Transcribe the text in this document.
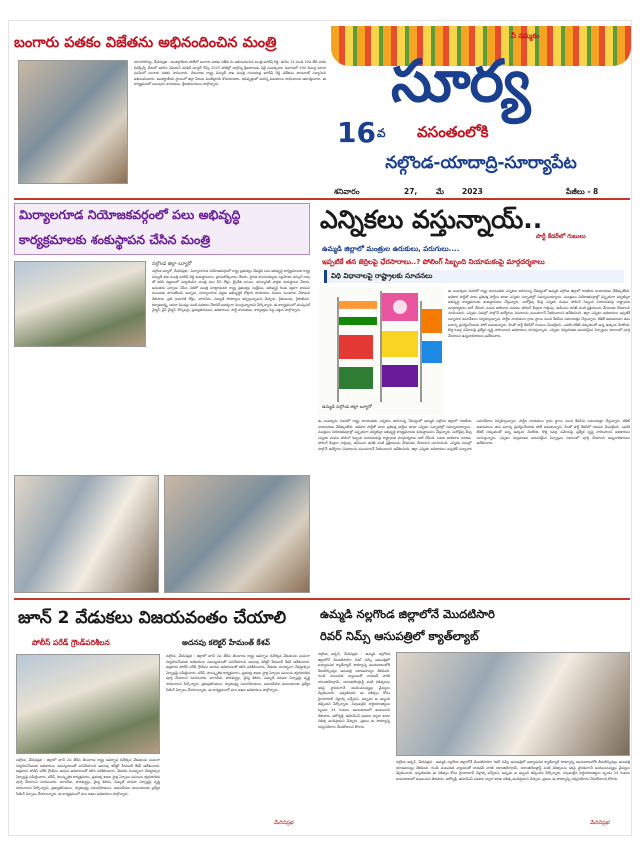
బంగారు పతకం విజేతను అభినందించిన మంత్రి
యాదగిరిగుట్ట, మేదినిప్రభ : అంతర్జాతీయ పోటీలో బంగారు పతకం విజేత ను అభినందించిన మంత్రి జగదీష్ రెడ్డి. ఈనెల 13 నుండి 20వ తేదీ వరకు ఫిలిప్పీన్స్ దేశంలో జరిగిన ఏషియన్ పసిఫిక్ మాస్టర్ గేమ్స్ 2023 పోటీల్లో పాల్గొన్న క్రీడాకారుడు ఏభై సంవత్సరాల విభాగంలో 400 మీటర్ల పరుగు పందెంలో బంగారు పతకం సాధించారు. తెలంగాణ రాష్ట్ర విద్యుత్ శాఖ మంత్రి గుంటకండ్ల జగదీష్ రెడ్డి విజేతను శాలువాతో సన్మానించి అభినందించారు. అంతర్జాతీయ స్థాయిలో జిల్లా పేరును నిలబెట్టారని కొనియాడారు. భవిష్యత్తులో మరిన్ని విజయాలు సాధించాలని ఆకాంక్షించారు. ఈ కార్యక్రమంలో పలువురు నాయకులు, క్రీడాభిమానులు పాల్గొన్నారు.
నీ నమ్మకం
సూర్య
16 వ వసంతంలోకి
నల్గొండ-యాదాద్రి-సూర్యాపేట
శనివారం	27, మే 2023	పేజీలు - 8
మిర్యాలగూడ నియోజకవర్గంలో పలు అభివృద్ధి
కార్యక్రమాలకు శంకుస్థాపన చేసిన మంత్రి
నల్గొండ జిల్లా బ్యూరో
నల్గొండ బ్యూరో, మేదినిప్రభ : మిర్యాలగూడ నియోజకవర్గంలో రాష్ట్ర ప్రభుత్వం చేపట్టిన పలు అభివృద్ధి కార్యక్రమాలకు రాష్ట్ర విద్యుత్ శాఖ మంత్రి జగదీష్ రెడ్డి శంకుస్థాపనలు, ప్రారంభోత్సవాలు చేశారు. స్థానిక శాసనసభ్యులు నల్లమోతు భాస్కర్ రావు తో కలిసి పట్టణంలో పర్యటించిన మంత్రి పలు సీసీ రోడ్లు, డ్రైనేజీ పనులు, కమ్యూనిటీ హాళ్లకు శంకుస్థాపన చేశారు. అనంతరం ఏర్పాటు చేసిన సభలో మంత్రి మాట్లాడుతూ రాష్ట్ర ప్రభుత్వం సంక్షేమం, అభివృద్ధి రెండు కళ్లుగా భావించి ముందుకు సాగుతోందని అన్నారు. మిర్యాలగూడ పట్టణ అభివృద్ధికి కోట్లాది రూపాయల నిధులు మంజూరు చేశామని తెలిపారు. ప్రతి గ్రామానికి రోడ్లు, తాగునీరు, విద్యుత్ సౌకర్యాలు కల్పిస్తున్నామని చెప్పారు. రైతుబంధు, రైతుబీమా, కల్యాణలక్ష్మి, ఆసరా పింఛన్లు వంటి పథకాలు దేశానికే ఆదర్శంగా నిలుస్తున్నాయని పేర్కొన్నారు. ఈ కార్యక్రమంలో మున్సిపల్ చైర్మన్, వైస్ చైర్మన్, కౌన్సిలర్లు, ప్రజాప్రతినిధులు, అధికారులు, పార్టీ నాయకులు, కార్యకర్తలు పెద్ద ఎత్తున పాల్గొన్నారు.
ఎన్నికలు వస్తున్నాయ్..
పార్టీ కేడర్‌లో గుబులు
ఉమ్మడి జిల్లాలో మంత్రుల ఉరుకులు, పరుగులు....
ఇప్పటికే తన జెర్రిలపై ఛేరసారాలు..? పోలింగ్ సిబ్బంది నియామకంపై మార్గదర్శకాలు
విధి విధానాలపై రాష్ట్రాలకు సూచనలు
ఉమ్మడి నల్గొండ జిల్లా బ్యూరో
ఈ సంవత్సరం చివరలో రాష్ట్ర శాసనసభకు ఎన్నికలు జరగనున్న నేపథ్యంలో ఉమ్మడి నల్గొండ జిల్లాలో రాజకీయ వాతావరణం వేడెక్కుతోంది. అధికార పార్టీతో పాటు ప్రతిపక్ష పార్టీలు కూడా ఎన్నికల సన్నాహాల్లో నిమగ్నమయ్యాయి. మంత్రులు నియోజకవర్గాల్లో విస్తృతంగా పర్యటిస్తూ అభివృద్ధి కార్యక్రమాలకు శంకుస్థాపనలు చేస్తున్నారు. మరోవైపు కేంద్ర ఎన్నికల సంఘం పోలింగ్ సిబ్బంది నియామకంపై రాష్ట్రాలకు మార్గదర్శకాలు జారీ చేసింది. ఓటరు జాబితాల సవరణ, పోలింగ్ కేంద్రాల గుర్తింపు, ఈవీఎంల తనిఖీ వంటి ప్రక్రియలను వేగవంతం చేయాలని సూచించింది. ఎన్నికల విధుల్లో పాల్గొనే ఉద్యోగుల వివరాలను ముందుగానే సేకరించాలని ఆదేశించింది. జిల్లా ఎన్నికల అధికారులు ఇప్పటికే సన్నాహక సమావేశాలు నిర్వహిస్తున్నారు. పార్టీల నాయకులు గ్రామ స్థాయి నుంచి కేడర్‌ను సమాయత్తం చేస్తున్నారు. టికెట్ ఆశావహులు తమ బలాన్ని ప్రదర్శించేందుకు పోటీ పడుతున్నారు. దీంతో పార్టీ కేడర్‌లో గుబులు మొదలైంది. ఎవరికి టికెట్ దక్కుతుందో అన్న ఉత్కంఠ నెలకొంది. కొత్త ఓటర్ల నమోదుపై ప్రత్యేక దృష్టి సారించాలని అధికారులు సూచిస్తున్నారు. ఎన్నికల నిర్వహణకు అవసరమైన ఏర్పాట్లను సకాలంలో పూర్తి చేయాలని ఉన్నతాధికారులు ఆదేశించారు.
ఈ సంవత్సరం చివరలో రాష్ట్ర శాసనసభకు ఎన్నికలు జరగనున్న నేపథ్యంలో ఉమ్మడి నల్గొండ జిల్లాలో రాజకీయ వాతావరణం వేడెక్కుతోంది. అధికార పార్టీతో పాటు ప్రతిపక్ష పార్టీలు కూడా ఎన్నికల సన్నాహాల్లో నిమగ్నమయ్యాయి. మంత్రులు నియోజకవర్గాల్లో విస్తృతంగా పర్యటిస్తూ అభివృద్ధి కార్యక్రమాలకు శంకుస్థాపనలు చేస్తున్నారు. మరోవైపు కేంద్ర ఎన్నికల సంఘం పోలింగ్ సిబ్బంది నియామకంపై రాష్ట్రాలకు మార్గదర్శకాలు జారీ చేసింది. ఓటరు జాబితాల సవరణ, పోలింగ్ కేంద్రాల గుర్తింపు, ఈవీఎంల తనిఖీ వంటి ప్రక్రియలను వేగవంతం చేయాలని సూచించింది. ఎన్నికల విధుల్లో పాల్గొనే ఉద్యోగుల వివరాలను ముందుగానే సేకరించాలని ఆదేశించింది. జిల్లా ఎన్నికల అధికారులు ఇప్పటికే సన్నాహక సమావేశాలు నిర్వహిస్తున్నారు. పార్టీల నాయకులు గ్రామ స్థాయి నుంచి కేడర్‌ను సమాయత్తం చేస్తున్నారు. టికెట్ ఆశావహులు తమ బలాన్ని ప్రదర్శించేందుకు పోటీ పడుతున్నారు. దీంతో పార్టీ కేడర్‌లో గుబులు మొదలైంది. ఎవరికి టికెట్ దక్కుతుందో అన్న ఉత్కంఠ నెలకొంది. కొత్త ఓటర్ల నమోదుపై ప్రత్యేక దృష్టి సారించాలని అధికారులు సూచిస్తున్నారు. ఎన్నికల నిర్వహణకు అవసరమైన ఏర్పాట్లను సకాలంలో పూర్తి చేయాలని ఉన్నతాధికారులు ఆదేశించారు.
జూన్ 2 వేడుకలు విజయవంతం చేయాలి
పోలీస్ పరేడ్ గ్రౌండ్‌పరిశీలన	అదనపు కలెక్టర్ హేమంత్ కేశవ్
నల్గొండ, మేదినిప్రభ : జిల్లాలో జూన్ 2వ తేదీన తెలంగాణ రాష్ట్ర ఆవిర్భావ దినోత్సవ వేడుకలను ఘనంగా నిర్వహించేందుకు అధికారులు సమన్వయంతో పనిచేయాలని అదనపు కలెక్టర్ హేమంత్ కేశవ్ ఆదేశించారు. శుక్రవారం పోలీస్ పరేడ్ గ్రౌండ్‌ను ఆయన అధికారులతో కలిసి పరిశీలించారు. వేడుకల సందర్భంగా చేపట్టాల్సిన ఏర్పాట్లపై సమీక్షించారు. పరేడ్, సాంస్కృతిక కార్యక్రమాలు, ప్రభుత్వ శాఖల స్టాళ్ల ఏర్పాటు పనులను త్వరితగతిన పూర్తి చేయాలని సూచించారు. తాగునీరు, పారిశుద్ధ్యం, వైద్య శిబిరం, విద్యుత్ సరఫరా ఏర్పాట్లపై దృష్టి సారించాలని పేర్కొన్నారు. ప్రజాప్రతినిధులు, స్వాతంత్ర్య సమరయోధులు, అమరవీరుల కుటుంబాలకు ప్రత్యేక సీటింగ్ ఏర్పాటు చేయాలన్నారు. ఈ కార్యక్రమంలో పలు శాఖల అధికారులు పాల్గొన్నారు.
నల్గొండ, మేదినిప్రభ : జిల్లాలో జూన్ 2వ తేదీన తెలంగాణ రాష్ట్ర ఆవిర్భావ దినోత్సవ వేడుకలను ఘనంగా నిర్వహించేందుకు అధికారులు సమన్వయంతో పనిచేయాలని అదనపు కలెక్టర్ హేమంత్ కేశవ్ ఆదేశించారు. శుక్రవారం పోలీస్ పరేడ్ గ్రౌండ్‌ను ఆయన అధికారులతో కలిసి పరిశీలించారు. వేడుకల సందర్భంగా చేపట్టాల్సిన ఏర్పాట్లపై సమీక్షించారు. పరేడ్, సాంస్కృతిక కార్యక్రమాలు, ప్రభుత్వ శాఖల స్టాళ్ల ఏర్పాటు పనులను త్వరితగతిన పూర్తి చేయాలని సూచించారు. తాగునీరు, పారిశుద్ధ్యం, వైద్య శిబిరం, విద్యుత్ సరఫరా ఏర్పాట్లపై దృష్టి సారించాలని పేర్కొన్నారు. ప్రజాప్రతినిధులు, స్వాతంత్ర్య సమరయోధులు, అమరవీరుల కుటుంబాలకు ప్రత్యేక సీటింగ్ ఏర్పాటు చేయాలన్నారు. ఈ కార్యక్రమంలో పలు శాఖల అధికారులు పాల్గొన్నారు.
మేదినిప్రభ
ఉమ్మడి నల్లగొండ జిల్లాలోనే మొదటిసారి
రివర్ నిమ్స్ ఆసుపత్రిలో క్యాత్‌ల్యాబ్
నల్గొండ అర్బన్, మేదినిప్రభ : ఉమ్మడి నల్లగొండ జిల్లాలోనే మొదటిసారిగా రివర్ నిమ్స్ ఆసుపత్రిలో అత్యాధునిక క్యాత్‌ల్యాబ్ సౌకర్యాన్ని అందుబాటులోకి తీసుకొచ్చినట్లు ఆసుపత్రి యాజమాన్యం తెలిపింది. గుండె సంబంధిత వ్యాధులతో బాధపడే వారికి యాంజియోగ్రామ్, యాంజియోప్లాస్టీ వంటి చికిత్సలను ఇకపై స్థానికంగానే అందించనున్నట్లు వైద్యులు వెల్లడించారు. ఇప్పటివరకు ఈ చికిత్సల కోసం హైదరాబాద్ వెళ్లాల్సి వచ్చేదని, ఇప్పుడు ఆ ఇబ్బంది తప్పిందని పేర్కొన్నారు. నిపుణులైన కార్డియాలజిస్టుల బృందం 24 గంటలు అందుబాటులో ఉంటుందని తెలిపారు. ఆరోగ్యశ్రీ, ఈహెచ్‌ఎస్ పథకాల ద్వారా కూడా చికిత్స అందిస్తామని చెప్పారు. ప్రజలు ఈ సౌకర్యాన్ని సద్వినియోగం చేసుకోవాలని కోరారు.
నల్గొండ అర్బన్, మేదినిప్రభ : ఉమ్మడి నల్లగొండ జిల్లాలోనే మొదటిసారిగా రివర్ నిమ్స్ ఆసుపత్రిలో అత్యాధునిక క్యాత్‌ల్యాబ్ సౌకర్యాన్ని అందుబాటులోకి తీసుకొచ్చినట్లు ఆసుపత్రి యాజమాన్యం తెలిపింది. గుండె సంబంధిత వ్యాధులతో బాధపడే వారికి యాంజియోగ్రామ్, యాంజియోప్లాస్టీ వంటి చికిత్సలను ఇకపై స్థానికంగానే అందించనున్నట్లు వైద్యులు వెల్లడించారు. ఇప్పటివరకు ఈ చికిత్సల కోసం హైదరాబాద్ వెళ్లాల్సి వచ్చేదని, ఇప్పుడు ఆ ఇబ్బంది తప్పిందని పేర్కొన్నారు. నిపుణులైన కార్డియాలజిస్టుల బృందం 24 గంటలు అందుబాటులో ఉంటుందని తెలిపారు. ఆరోగ్యశ్రీ, ఈహెచ్‌ఎస్ పథకాల ద్వారా కూడా చికిత్స అందిస్తామని చెప్పారు. ప్రజలు ఈ సౌకర్యాన్ని సద్వినియోగం చేసుకోవాలని కోరారు.
మేదినిప్రభ
